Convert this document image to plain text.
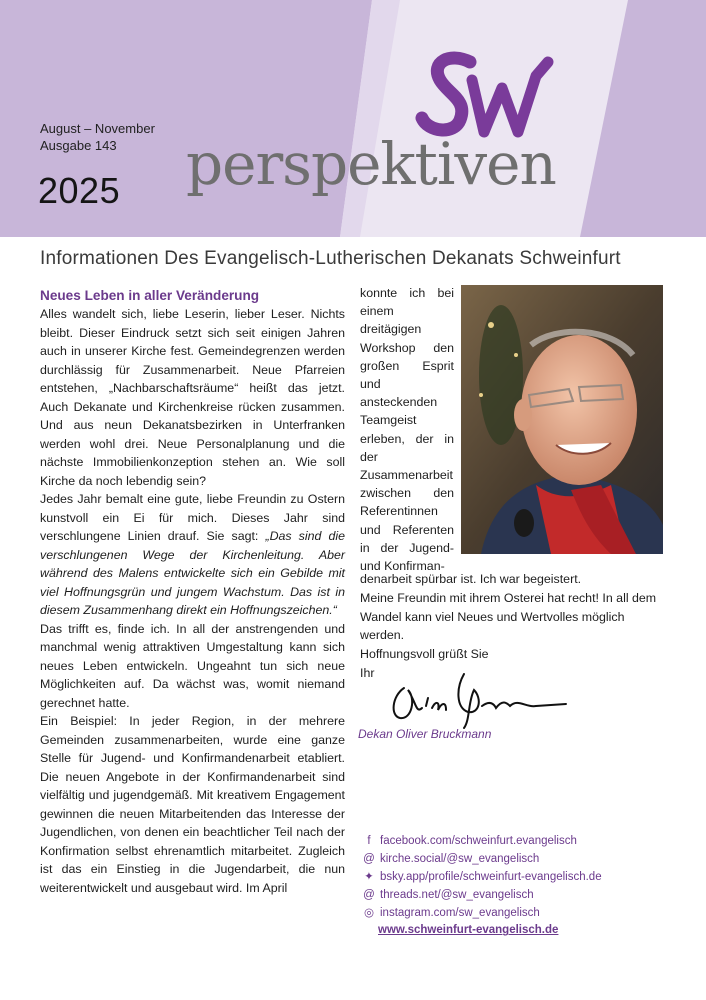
August – November
Ausgabe 143
2025 perspektiven
Informationen Des Evangelisch-Lutherischen Dekanats Schweinfurt
Neues Leben in aller Veränderung

Alles wandelt sich, liebe Leserin, lieber Leser. Nichts bleibt. Dieser Eindruck setzt sich seit einigen Jahren auch in unserer Kirche fest. Gemeindegrenzen werden durchlässig für Zusammenarbeit. Neue Pfarreien entstehen, „Nachbarschaftsräume“ heißt das jetzt. Auch Dekanate und Kirchenkreise rücken zusammen. Und aus neun Dekanatsbezirken in Unterfranken werden wohl drei. Neue Personalplanung und die nächste Immobilienkonzeption stehen an. Wie soll Kirche da noch lebendig sein?

Jedes Jahr bemalt eine gute, liebe Freundin zu Ostern kunstvoll ein Ei für mich. Dieses Jahr sind verschlungene Linien drauf. Sie sagt: „Das sind die verschlungenen Wege der Kirchenleitung. Aber während des Malens entwickelte sich ein Gebilde mit viel Hoffnungsgrün und jungem Wachstum. Das ist in diesem Zusammenhang direkt ein Hoffnungszeichen.“

Das trifft es, finde ich. In all der anstrengenden und manchmal wenig attraktiven Umgestaltung kann sich neues Leben entwickeln. Ungeahnt tun sich neue Möglichkeiten auf. Da wächst was, womit niemand gerechnet hatte.

Ein Beispiel: In jeder Region, in der mehrere Gemeinden zusammenarbeiten, wurde eine ganze Stelle für Jugend- und Konfirmandenarbeit etabliert. Die neuen Angebote in der Konfirmandenarbeit sind vielfältig und jugendgemäß. Mit kreativem Engagement gewinnen die neuen Mitarbeitenden das Interesse der Jugendlichen, von denen ein beachtlicher Teil nach der Konfirmation selbst ehrenamtlich mitarbeitet. Zugleich ist das ein Einstieg in die Jugendarbeit, die nun weiterentwickelt und ausgebaut wird. Im April

konnte ich bei einem dreitägigen Workshop den großen Esprit und ansteckenden Teamgeist erleben, der in der Zusammenarbeit zwischen den Referentinnen und Referenten in der Jugend- und Konfirman-

denarbeit spürbar ist. Ich war begeistert.

Meine Freundin mit ihrem Osterei hat recht! In all dem Wandel kann viel Neues und Wertvolles möglich werden.

Hoffnungsvoll grüßt Sie

Ihr

Dekan Oliver Bruckmann
f facebook.com/schweinfurt.evangelisch
@ kirche.social/@sw_evangelisch
✦ bsky.app/profile/schweinfurt-evangelisch.de
@ threads.net/@sw_evangelisch
◎ instagram.com/sw_evangelisch
www.schweinfurt-evangelisch.de
